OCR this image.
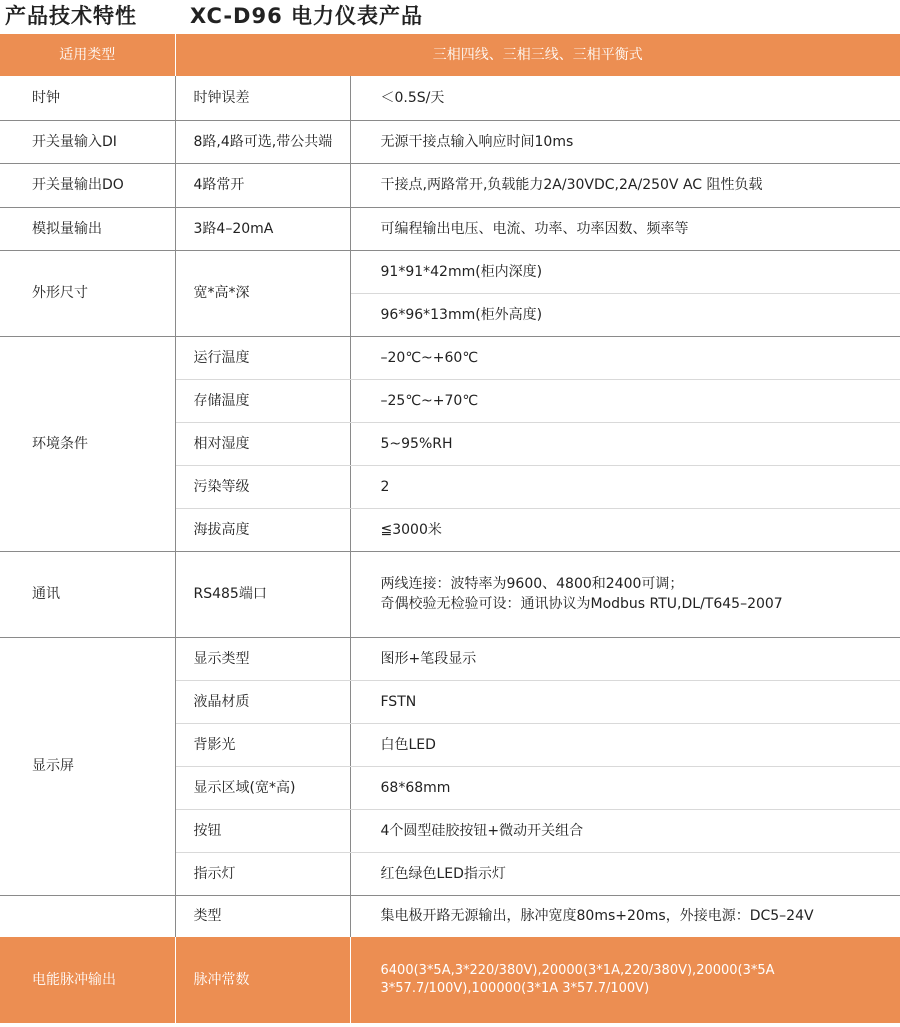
产品技术特性	XC-D96 电力仪表产品
适用类型	三相四线、三相三线、三相平衡式	
时钟	时钟误差	＜0.5S/天
开关量输入DI	8路,4路可选,带公共端	无源干接点输入响应时间10ms
开关量输出DO	4路常开	干接点,两路常开,负载能力2A/30VDC,2A/250V AC 阻性负载
模拟量输出	3路4–20mA	可编程输出电压、电流、功率、功率因数、频率等
外形尺寸	宽*高*深	91*91*42mm(柜内深度)
		96*96*13mm(柜外高度)
环境条件	运行温度	–20℃~+60℃
	存储温度	–25℃~+70℃
	相对湿度	5~95%RH
	污染等级	2
	海拔高度	≦3000米
通讯	RS485端口	两线连接：波特率为9600、4800和2400可调；
奇偶校验无检验可设：通讯协议为Modbus RTU,DL/T645–2007

显示屏	显示类型	图形+笔段显示
	液晶材质	FSTN
	背影光	白色LED
	显示区域(宽*高)	68*68mm
	按钮	4个圆型硅胶按钮+微动开关组合
	指示灯	红色绿色LED指示灯
	类型	集电极开路无源输出，脉冲宽度80ms+20ms，外接电源：DC5–24V
电能脉冲输出	脉冲常数	6400(3*5A,3*220/380V),20000(3*1A,220/380V),20000(3*5A
3*57.7/100V),100000(3*1A 3*57.7/100V)
